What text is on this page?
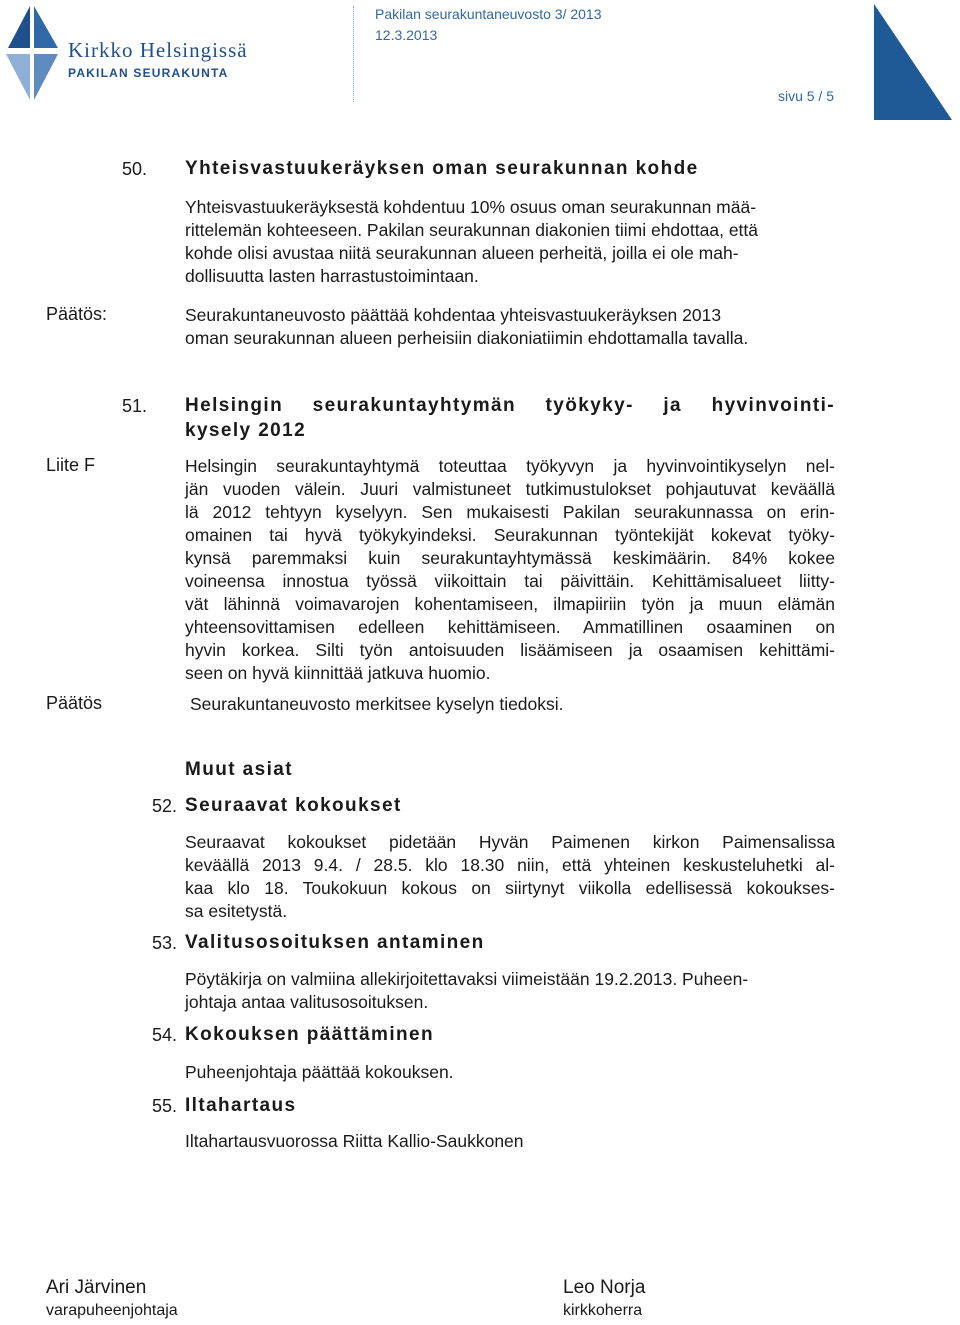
Kirkko Helsingissä
PAKILAN SEURAKUNTA
Pakilan seurakuntaneuvosto 3/ 2013
12.3.2013
sivu 5 / 5
50. Yhteisvastuukeräyksen oman seurakunnan kohde
Yhteisvastuukeräyksestä kohdentuu 10% osuus oman seurakunnan mää-
rittelemän kohteeseen. Pakilan seurakunnan diakonien tiimi ehdottaa, että
kohde olisi avustaa niitä seurakunnan alueen perheitä, joilla ei ole mah-
dollisuutta lasten harrastustoimintaan.
Päätös:	Seurakuntaneuvosto päättää kohdentaa yhteisvastuukeräyksen 2013
oman seurakunnan alueen perheisiin diakoniatiimin ehdottamalla tavalla.
51. Helsingin seurakuntayhtymän työkyky- ja hyvinvointi-
kysely 2012
Liite F	Helsingin seurakuntayhtymä toteuttaa työkyvyn ja hyvinvointikyselyn nel-
jän vuoden välein. Juuri valmistuneet tutkimustulokset pohjautuvat keväällä
lä 2012 tehtyyn kyselyyn. Sen mukaisesti Pakilan seurakunnassa on erin-
omainen tai hyvä työkykyindeksi. Seurakunnan työntekijät kokevat työky-
kynsä paremmaksi kuin seurakuntayhtymässä keskimäärin. 84% kokee
voineensa innostua työssä viikoittain tai päivittäin. Kehittämisalueet liitty-
vät lähinnä voimavarojen kohentamiseen, ilmapiiriin työn ja muun elämän
yhteensovittamisen edelleen kehittämiseen. Ammatillinen osaaminen on
hyvin korkea. Silti työn antoisuuden lisäämiseen ja osaamisen kehittämi-
seen on hyvä kiinnittää jatkuva huomio.
Päätös	Seurakuntaneuvosto merkitsee kyselyn tiedoksi.
Muut asiat
52. Seuraavat kokoukset
Seuraavat kokoukset pidetään Hyvän Paimenen kirkon Paimensalissa
keväällä 2013 9.4. / 28.5. klo 18.30 niin, että yhteinen keskusteluhetki al-
kaa klo 18. Toukokuun kokous on siirtynyt viikolla edellisessä kokoukses-
sa esitetystä.
53. Valitusosoituksen antaminen
Pöytäkirja on valmiina allekirjoitettavaksi viimeistään 19.2.2013. Puheen-
johtaja antaa valitusosoituksen.
54. Kokouksen päättäminen
Puheenjohtaja päättää kokouksen.
55. Iltahartaus
Iltahartausvuorossa Riitta Kallio-Saukkonen
Ari Järvinen
varapuheenjohtaja
Leo Norja
kirkkoherra
